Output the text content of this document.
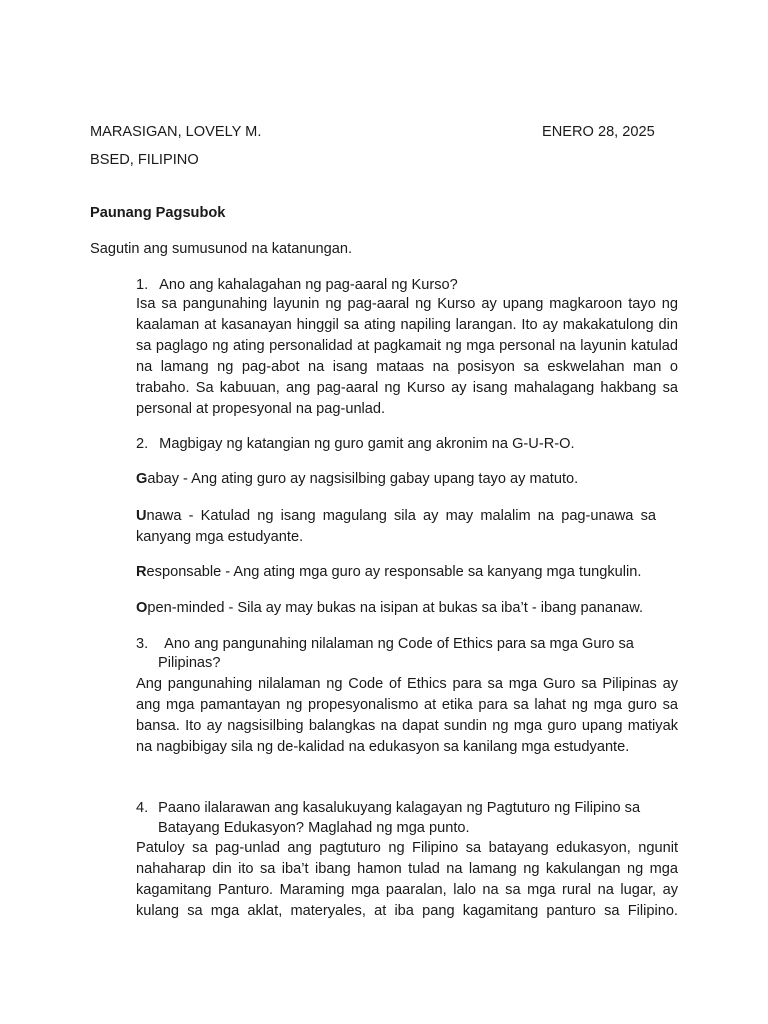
MARASIGAN, LOVELY M.	ENERO 28, 2025
BSED, FILIPINO
Paunang Pagsubok
Sagutin ang sumusunod na katanungan.
1. Ano ang kahalagahan ng pag-aaral ng Kurso?
Isa sa pangunahing layunin ng pag-aaral ng Kurso ay upang magkaroon tayo ng kaalaman at kasanayan hinggil sa ating napiling larangan. Ito ay makakatulong din sa paglago ng ating personalidad at pagkamait ng mga personal na layunin katulad na lamang ng pag-abot na isang mataas na posisyon sa eskwelahan man o trabaho. Sa kabuuan, ang pag-aaral ng Kurso ay isang mahalagang hakbang sa personal at propesyonal na pag-unlad.
2. Magbigay ng katangian ng guro gamit ang akronim na G-U-R-O.
Gabay - Ang ating guro ay nagsisilbing gabay upang tayo ay matuto.
Unawa - Katulad ng isang magulang sila ay may malalim na pag-unawa sa kanyang mga estudyante.
Responsable - Ang ating mga guro ay responsable sa kanyang mga tungkulin.
Open-minded - Sila ay may bukas na isipan at bukas sa iba’t - ibang pananaw.
3. Ano ang pangunahing nilalaman ng Code of Ethics para sa mga Guro sa
Pilipinas?
Ang pangunahing nilalaman ng Code of Ethics para sa mga Guro sa Pilipinas ay ang mga pamantayan ng propesyonalismo at etika para sa lahat ng mga guro sa bansa. Ito ay nagsisilbing balangkas na dapat sundin ng mga guro upang matiyak na nagbibigay sila ng de-kalidad na edukasyon sa kanilang mga estudyante.
4. Paano ilalarawan ang kasalukuyang kalagayan ng Pagtuturo ng Filipino sa
Batayang Edukasyon? Maglahad ng mga punto.
Patuloy sa pag-unlad ang pagtuturo ng Filipino sa batayang edukasyon, ngunit nahaharap din ito sa iba’t ibang hamon tulad na lamang ng kakulangan ng mga kagamitang Panturo. Maraming mga paaralan, lalo na sa mga rural na lugar, ay kulang sa mga aklat, materyales, at iba pang kagamitang panturo sa Filipino.
